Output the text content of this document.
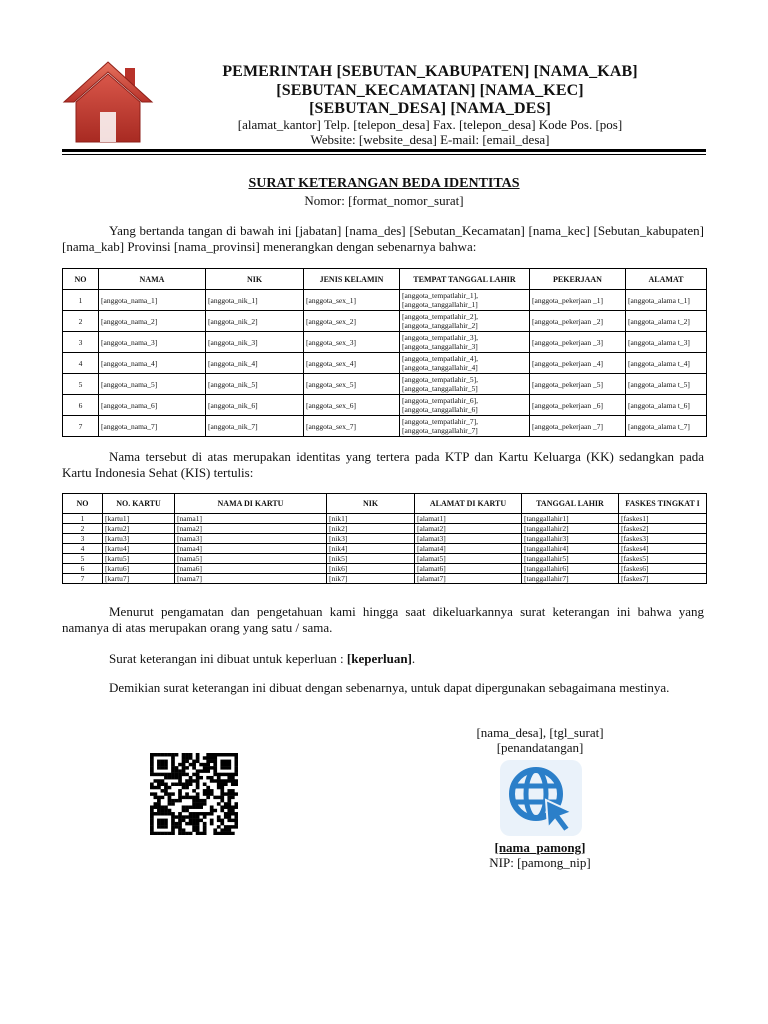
PEMERINTAH [SEBUTAN_KABUPATEN] [NAMA_KAB]
[SEBUTAN_KECAMATAN] [NAMA_KEC]
[SEBUTAN_DESA] [NAMA_DES]
[alamat_kantor] Telp. [telepon_desa] Fax. [telepon_desa] Kode Pos. [pos]
Website: [website_desa] E-mail: [email_desa]
SURAT KETERANGAN BEDA IDENTITAS
Nomor: [format_nomor_surat]
Yang bertanda tangan di bawah ini [jabatan] [nama_des] [Sebutan_Kecamatan] [nama_kec] [Sebutan_kabupaten] [nama_kab] Provinsi [nama_provinsi] menerangkan dengan sebenarnya bahwa:
NO	NAMA	NIK	JENIS KELAMIN	TEMPAT TANGGAL LAHIR	PEKERJAAN	ALAMAT
1	[anggota_nama_1]	[anggota_nik_1]	[anggota_sex_1]	[anggota_tempatlahir_1], [anggota_tanggallahir_1]	[anggota_pekerjaan _1]	[anggota_alama t_1]
2	[anggota_nama_2]	[anggota_nik_2]	[anggota_sex_2]	[anggota_tempatlahir_2], [anggota_tanggallahir_2]	[anggota_pekerjaan _2]	[anggota_alama t_2]
3	[anggota_nama_3]	[anggota_nik_3]	[anggota_sex_3]	[anggota_tempatlahir_3], [anggota_tanggallahir_3]	[anggota_pekerjaan _3]	[anggota_alama t_3]
4	[anggota_nama_4]	[anggota_nik_4]	[anggota_sex_4]	[anggota_tempatlahir_4], [anggota_tanggallahir_4]	[anggota_pekerjaan _4]	[anggota_alama t_4]
5	[anggota_nama_5]	[anggota_nik_5]	[anggota_sex_5]	[anggota_tempatlahir_5], [anggota_tanggallahir_5]	[anggota_pekerjaan _5]	[anggota_alama t_5]
6	[anggota_nama_6]	[anggota_nik_6]	[anggota_sex_6]	[anggota_tempatlahir_6], [anggota_tanggallahir_6]	[anggota_pekerjaan _6]	[anggota_alama t_6]
7	[anggota_nama_7]	[anggota_nik_7]	[anggota_sex_7]	[anggota_tempatlahir_7], [anggota_tanggallahir_7]	[anggota_pekerjaan _7]	[anggota_alama t_7]
Nama tersebut di atas merupakan identitas yang tertera pada KTP dan Kartu Keluarga (KK) sedangkan pada Kartu Indonesia Sehat (KIS) tertulis:
NO	NO. KARTU	NAMA DI KARTU	NIK	ALAMAT DI KARTU	TANGGAL LAHIR	FASKES TINGKAT I
1	[kartu1]	[nama1]	[nik1]	[alamat1]	[tanggallahir1]	[faskes1]
2	[kartu2]	[nama2]	[nik2]	[alamat2]	[tanggallahir2]	[faskes2]
3	[kartu3]	[nama3]	[nik3]	[alamat3]	[tanggallahir3]	[faskes3]
4	[kartu4]	[nama4]	[nik4]	[alamat4]	[tanggallahir4]	[faskes4]
5	[kartu5]	[nama5]	[nik5]	[alamat5]	[tanggallahir5]	[faskes5]
6	[kartu6]	[nama6]	[nik6]	[alamat6]	[tanggallahir6]	[faskes6]
7	[kartu7]	[nama7]	[nik7]	[alamat7]	[tanggallahir7]	[faskes7]
Menurut pengamatan dan pengetahuan kami hingga saat dikeluarkannya surat keterangan ini bahwa yang namanya di atas merupakan orang yang satu / sama.
Surat keterangan ini dibuat untuk keperluan : [keperluan].
Demikian surat keterangan ini dibuat dengan sebenarnya, untuk dapat dipergunakan sebagaimana mestinya.
[nama_desa], [tgl_surat]
[penandatangan]
[nama_pamong]
NIP: [pamong_nip]
